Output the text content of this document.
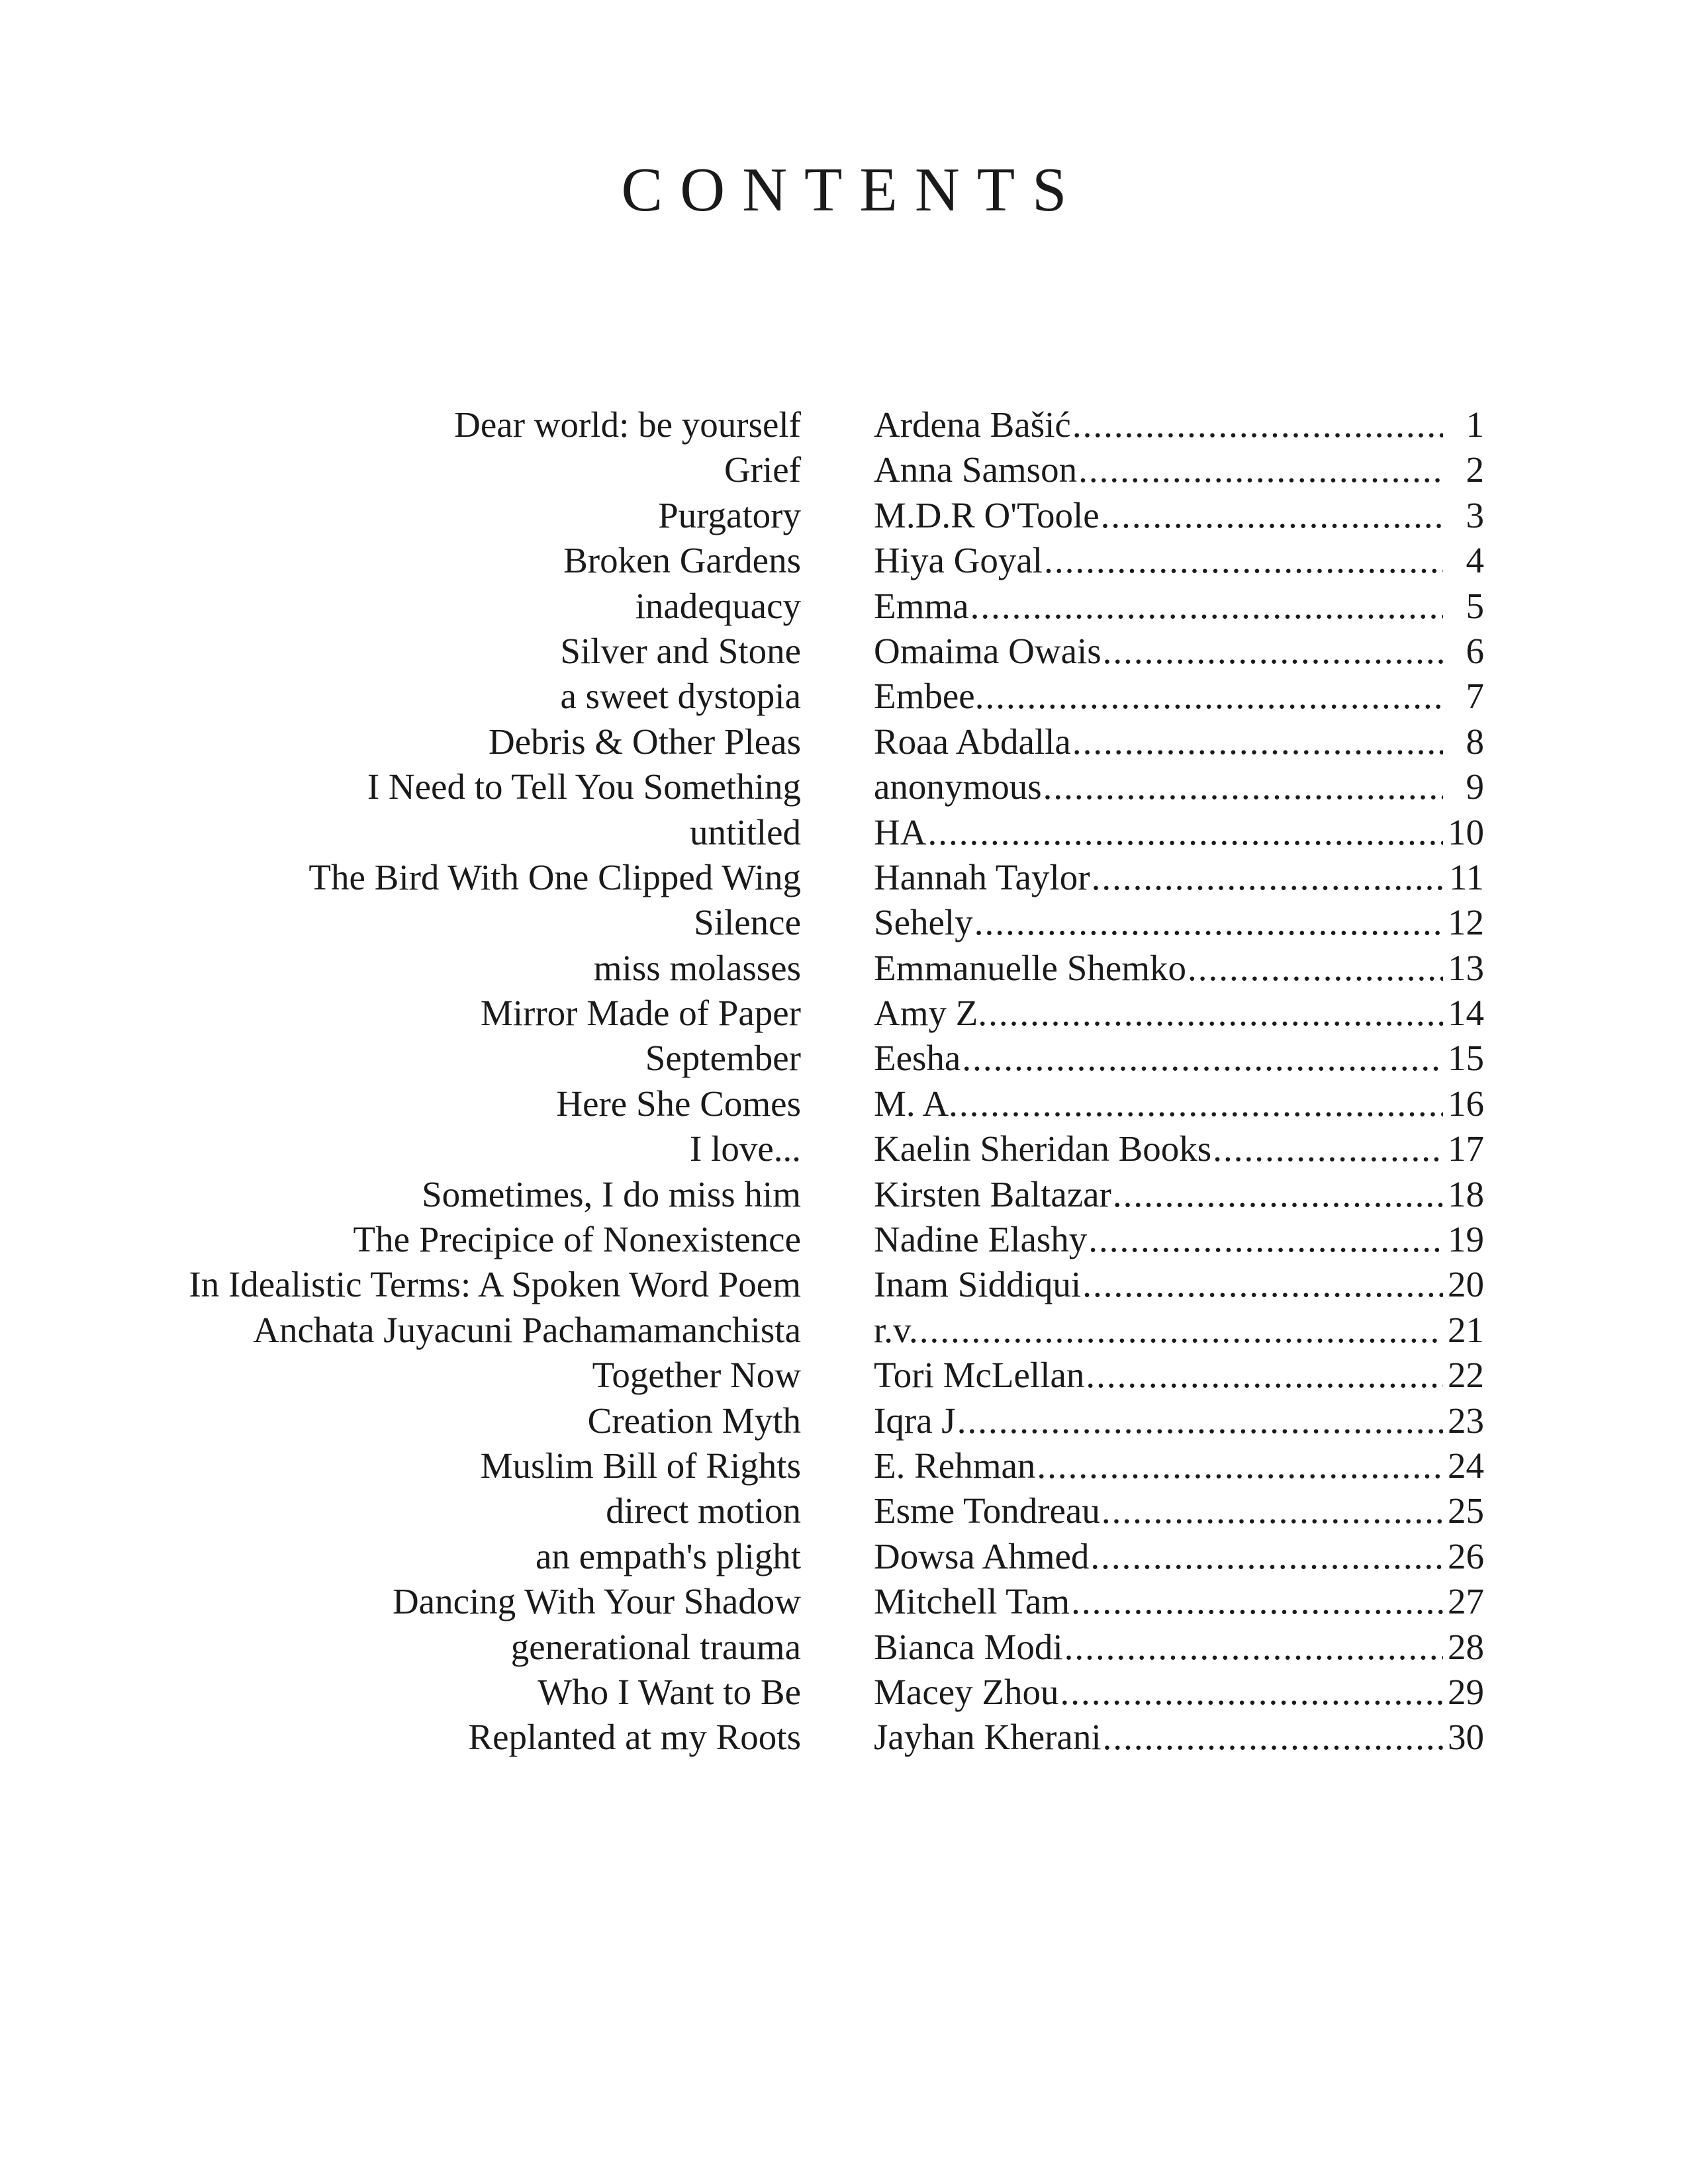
CONTENTS
Dear world: be yourself Ardena Bašić .....	1
Grief Anna Samson .....	2
Purgatory M.D.R O'Toole .....	3
Broken Gardens Hiya Goyal .....	4
inadequacy Emma .....	5
Silver and Stone Omaima Owais .....	6
a sweet dystopia Embee. .....	7
Debris & Other Pleas Roaa Abdalla .....	8
I Need to Tell You Something anonymous .....	9
untitled HA .....	10
The Bird With One Clipped Wing Hannah Taylor .....	11
Silence Sehely .....	12
miss molasses Emmanuelle Shemko .....	13
Mirror Made of Paper Amy Z. .....	14
September Eesha .....	15
Here She Comes M. A. .....	16
I love... Kaelin Sheridan Books .....	17
Sometimes, I do miss him Kirsten Baltazar .....	18
The Precipice of Nonexistence Nadine Elashy .....	19
In Idealistic Terms: A Spoken Word Poem Inam Siddiqui .....	20
Anchata Juyacuni Pachamamanchista r.v. .....	21
Together Now Tori McLellan .....	22
Creation Myth Iqra J .....	23
Muslim Bill of Rights E. Rehman .....	24
direct motion Esme Tondreau .....	25
an empath's plight Dowsa Ahmed .....	26
Dancing With Your Shadow Mitchell Tam .....	27
generational trauma Bianca Modi .....	28
Who I Want to Be Macey Zhou .....	29
Replanted at my Roots Jayhan Kherani .....	30
